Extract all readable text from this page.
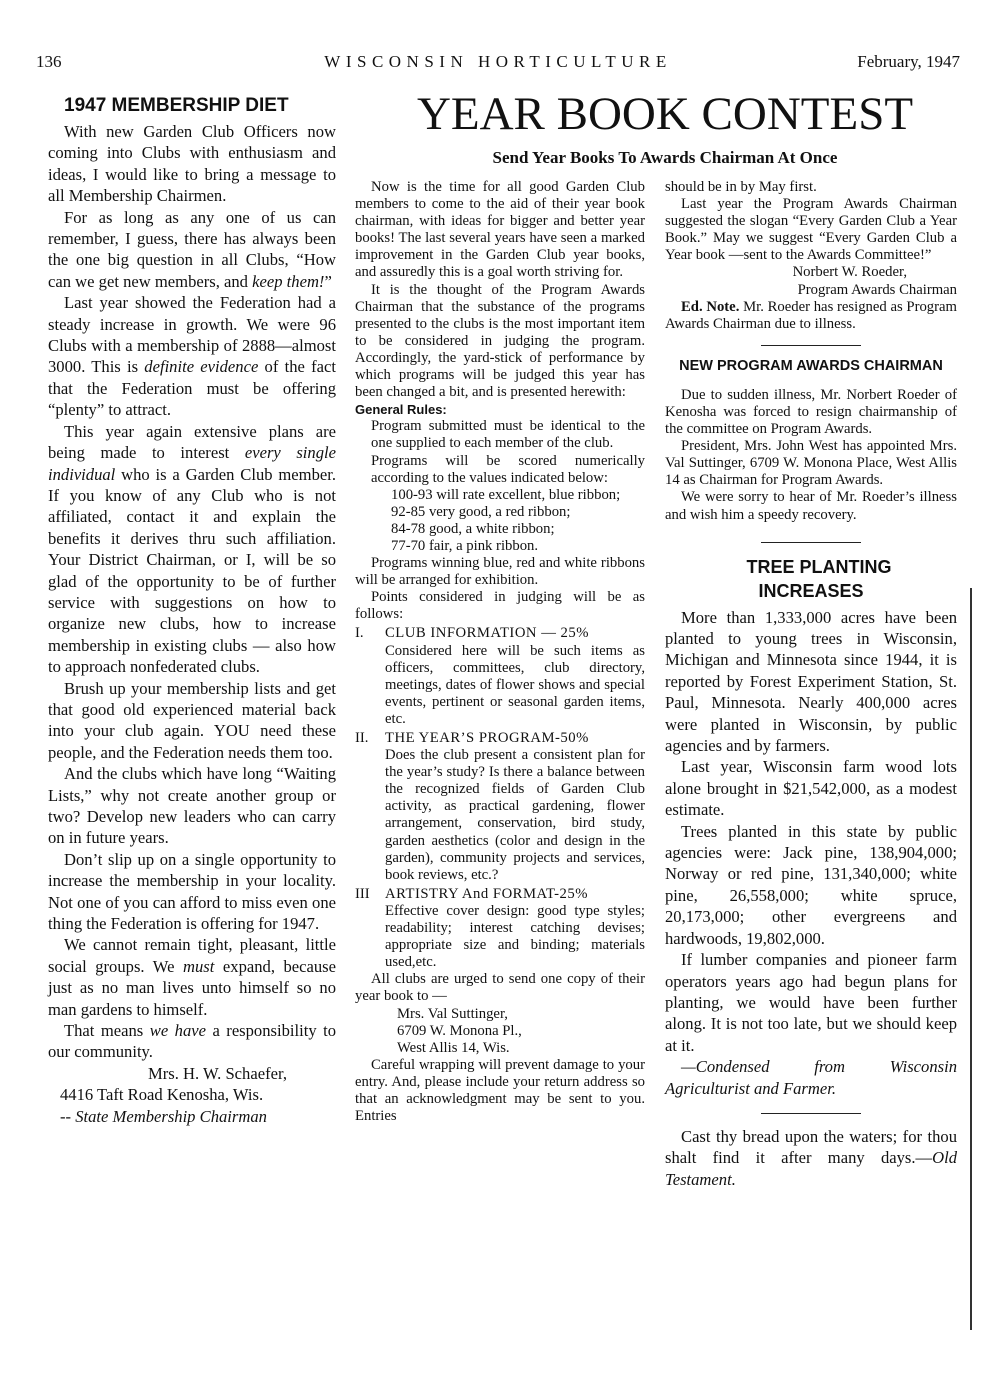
136	WISCONSIN HORTICULTURE	February, 1947
1947 MEMBERSHIP DIET

With new Garden Club Officers now coming into Clubs with enthusiasm and ideas, I would like to bring a message to all Membership Chairmen.

For as long as any one of us can remember, I guess, there has always been the one big question in all Clubs, “How can we get new members, and keep them!”

Last year showed the Federation had a steady increase in growth. We were 96 Clubs with a membership of 2888—almost 3000. This is definite evidence of the fact that the Federation must be offering “plenty” to attract.

This year again extensive plans are being made to interest every single individual who is a Garden Club member. If you know of any Club who is not affiliated, contact it and explain the benefits it derives thru such affiliation. Your District Chairman, or I, will be so glad of the opportunity to be of further service with suggestions on how to organize new clubs, how to increase membership in existing clubs — also how to approach nonfederated clubs.

Brush up your membership lists and get that good old experienced material back into your club again. YOU need these people, and the Federation needs them too.

And the clubs which have long “Waiting Lists,” why not create another group or two? Develop new leaders who can carry on in future years.

Don’t slip up on a single opportunity to increase the membership in your locality. Not one of you can afford to miss even one thing the Federation is offering for 1947.

We cannot remain tight, pleasant, little social groups. We must expand, because just as no man lives unto himself so no man gardens to himself.

That means we have a responsibility to our community.

Mrs. H. W. Schaefer,
4416 Taft Road Kenosha, Wis.
-- State Membership Chairman
YEAR BOOK CONTEST
Send Year Books To Awards Chairman At Once

Now is the time for all good Garden Club members to come to the aid of their year book chairman, with ideas for bigger and better year books! The last several years have seen a marked improvement in the Garden Club year books, and assuredly this is a goal worth striving for.

It is the thought of the Program Awards Chairman that the substance of the programs presented to the clubs is the most important item to be considered in judging the program. Accordingly, the yard-stick of performance by which programs will be judged this year has been changed a bit, and is presented herewith:

General Rules:

Program submitted must be identical to the one supplied to each member of the club.

Programs will be scored numerically according to the values indicated below:

100-93 will rate excellent, blue ribbon;

92-85 very good, a red ribbon;

84-78 good, a white ribbon;

77-70 fair, a pink ribbon.

Programs winning blue, red and white ribbons will be arranged for exhibition.

Points considered in judging will be as follows:

I.	CLUB INFORMATION — 25%
Considered here will be such items as officers, committees, club directory, meetings, dates of flower shows and special events, pertinent or seasonal garden items, etc.
II.	THE YEAR’S PROGRAM-50%
Does the club present a consistent plan for the year’s study? Is there a balance between the recognized fields of Garden Club activity, as practical gardening, flower arrangement, conservation, bird study, garden aesthetics (color and design in the garden), community projects and services, book reviews, etc.?
III	ARTISTRY And FORMAT-25%
Effective cover design: good type styles; readability; interest catching devises; appropriate size and binding; materials used,etc.

All clubs are urged to send one copy of their year book to —

Mrs. Val Suttinger,

6709 W. Monona Pl.,

West Allis 14, Wis.

Careful wrapping will prevent damage to your entry. And, please include your return address so that an acknowledgment may be sent to you. Entries

should be in by May first.

Last year the Program Awards Chairman suggested the slogan “Every Garden Club a Year Book.” May we suggest “Every Garden Club a Year book —sent to the Awards Committee!”

Norbert W. Roeder,

Program Awards Chairman

Ed. Note. Mr. Roeder has resigned as Program Awards Chairman due to illness.

NEW PROGRAM AWARDS CHAIRMAN

Due to sudden illness, Mr. Norbert Roeder of Kenosha was forced to resign chairmanship of the committee on Program Awards.

President, Mrs. John West has appointed Mrs. Val Suttinger, 6709 W. Monona Place, West Allis 14 as Chairman for Program Awards.

We were sorry to hear of Mr. Roeder’s illness and wish him a speedy recovery.

TREE PLANTING
INCREASES

More than 1,333,000 acres have been planted to young trees in Wisconsin, Michigan and Minnesota since 1944, it is reported by Forest Experiment Station, St. Paul, Minnesota. Nearly 400,000 acres were planted in Wisconsin, by public agencies and by farmers.

Last year, Wisconsin farm wood lots alone brought in $21,542,000, as a modest estimate.

Trees planted in this state by public agencies were: Jack pine, 138,904,000; Norway or red pine, 131,340,000; white pine, 26,558,000; white spruce, 20,173,000; other evergreens and hardwoods, 19,802,000.

If lumber companies and pioneer farm operators years ago had begun plans for planting, we would have been further along. It is not too late, but we should keep at it.

—Condensed from Wisconsin Agriculturist and Farmer.

Cast thy bread upon the waters; for thou shalt find it after many days.—Old Testament.
